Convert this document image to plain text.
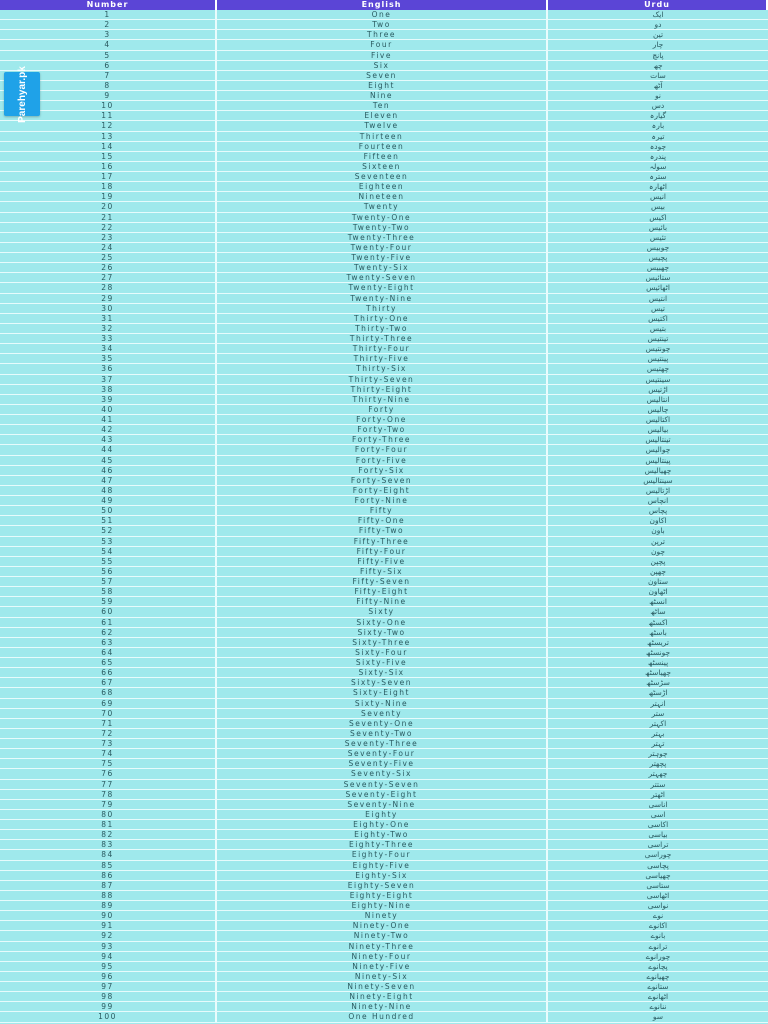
Number	English	Urdu
1	One	ایک
2	Two	دو
3	Three	تین
4	Four	چار
5	Five	پانچ
6	Six	چھ
7	Seven	سات
8	Eight	آٹھ
9	Nine	نو
10	Ten	دس
11	Eleven	گیارہ
12	Twelve	بارہ
13	Thirteen	تیرہ
14	Fourteen	چودہ
15	Fifteen	پندرہ
16	Sixteen	سولہ
17	Seventeen	سترہ
18	Eighteen	اٹھارہ
19	Nineteen	انیس
20	Twenty	بیس
21	Twenty-One	اکیس
22	Twenty-Two	بائیس
23	Twenty-Three	تئیس
24	Twenty-Four	چوبیس
25	Twenty-Five	پچیس
26	Twenty-Six	چھبیس
27	Twenty-Seven	ستائیس
28	Twenty-Eight	اٹھائیس
29	Twenty-Nine	انتیس
30	Thirty	تیس
31	Thirty-One	اکتیس
32	Thirty-Two	بتیس
33	Thirty-Three	تینتیس
34	Thirty-Four	چونتیس
35	Thirty-Five	پینتیس
36	Thirty-Six	چھتیس
37	Thirty-Seven	سینتیس
38	Thirty-Eight	اڑتیس
39	Thirty-Nine	انتالیس
40	Forty	چالیس
41	Forty-One	اکتالیس
42	Forty-Two	بیالیس
43	Forty-Three	تینتالیس
44	Forty-Four	چوالیس
45	Forty-Five	پینتالیس
46	Forty-Six	چھیالیس
47	Forty-Seven	سینتالیس
48	Forty-Eight	اڑتالیس
49	Forty-Nine	انچاس
50	Fifty	پچاس
51	Fifty-One	اکاون
52	Fifty-Two	باون
53	Fifty-Three	ترپن
54	Fifty-Four	چون
55	Fifty-Five	پچپن
56	Fifty-Six	چھپن
57	Fifty-Seven	ستاون
58	Fifty-Eight	اٹھاون
59	Fifty-Nine	انسٹھ
60	Sixty	ساٹھ
61	Sixty-One	اکسٹھ
62	Sixty-Two	باسٹھ
63	Sixty-Three	تریسٹھ
64	Sixty-Four	چونسٹھ
65	Sixty-Five	پینسٹھ
66	Sixty-Six	چھیاسٹھ
67	Sixty-Seven	سڑسٹھ
68	Sixty-Eight	اڑسٹھ
69	Sixty-Nine	انہتر
70	Seventy	ستر
71	Seventy-One	اکہتر
72	Seventy-Two	بہتر
73	Seventy-Three	تہتر
74	Seventy-Four	چوہتر
75	Seventy-Five	پچھتر
76	Seventy-Six	چھہتر
77	Seventy-Seven	ستتر
78	Seventy-Eight	اٹھتر
79	Seventy-Nine	اناسی
80	Eighty	اسی
81	Eighty-One	اکاسی
82	Eighty-Two	بیاسی
83	Eighty-Three	تراسی
84	Eighty-Four	چوراسی
85	Eighty-Five	پچاسی
86	Eighty-Six	چھیاسی
87	Eighty-Seven	ستاسی
88	Eighty-Eight	اٹھاسی
89	Eighty-Nine	نواسی
90	Ninety	نوے
91	Ninety-One	اکانوے
92	Ninety-Two	بانوے
93	Ninety-Three	ترانوے
94	Ninety-Four	چورانوے
95	Ninety-Five	پچانوے
96	Ninety-Six	چھیانوے
97	Ninety-Seven	ستانوے
98	Ninety-Eight	اٹھانوے
99	Ninety-Nine	ننانوے
100	One Hundred	سو
Parehyar.pk
